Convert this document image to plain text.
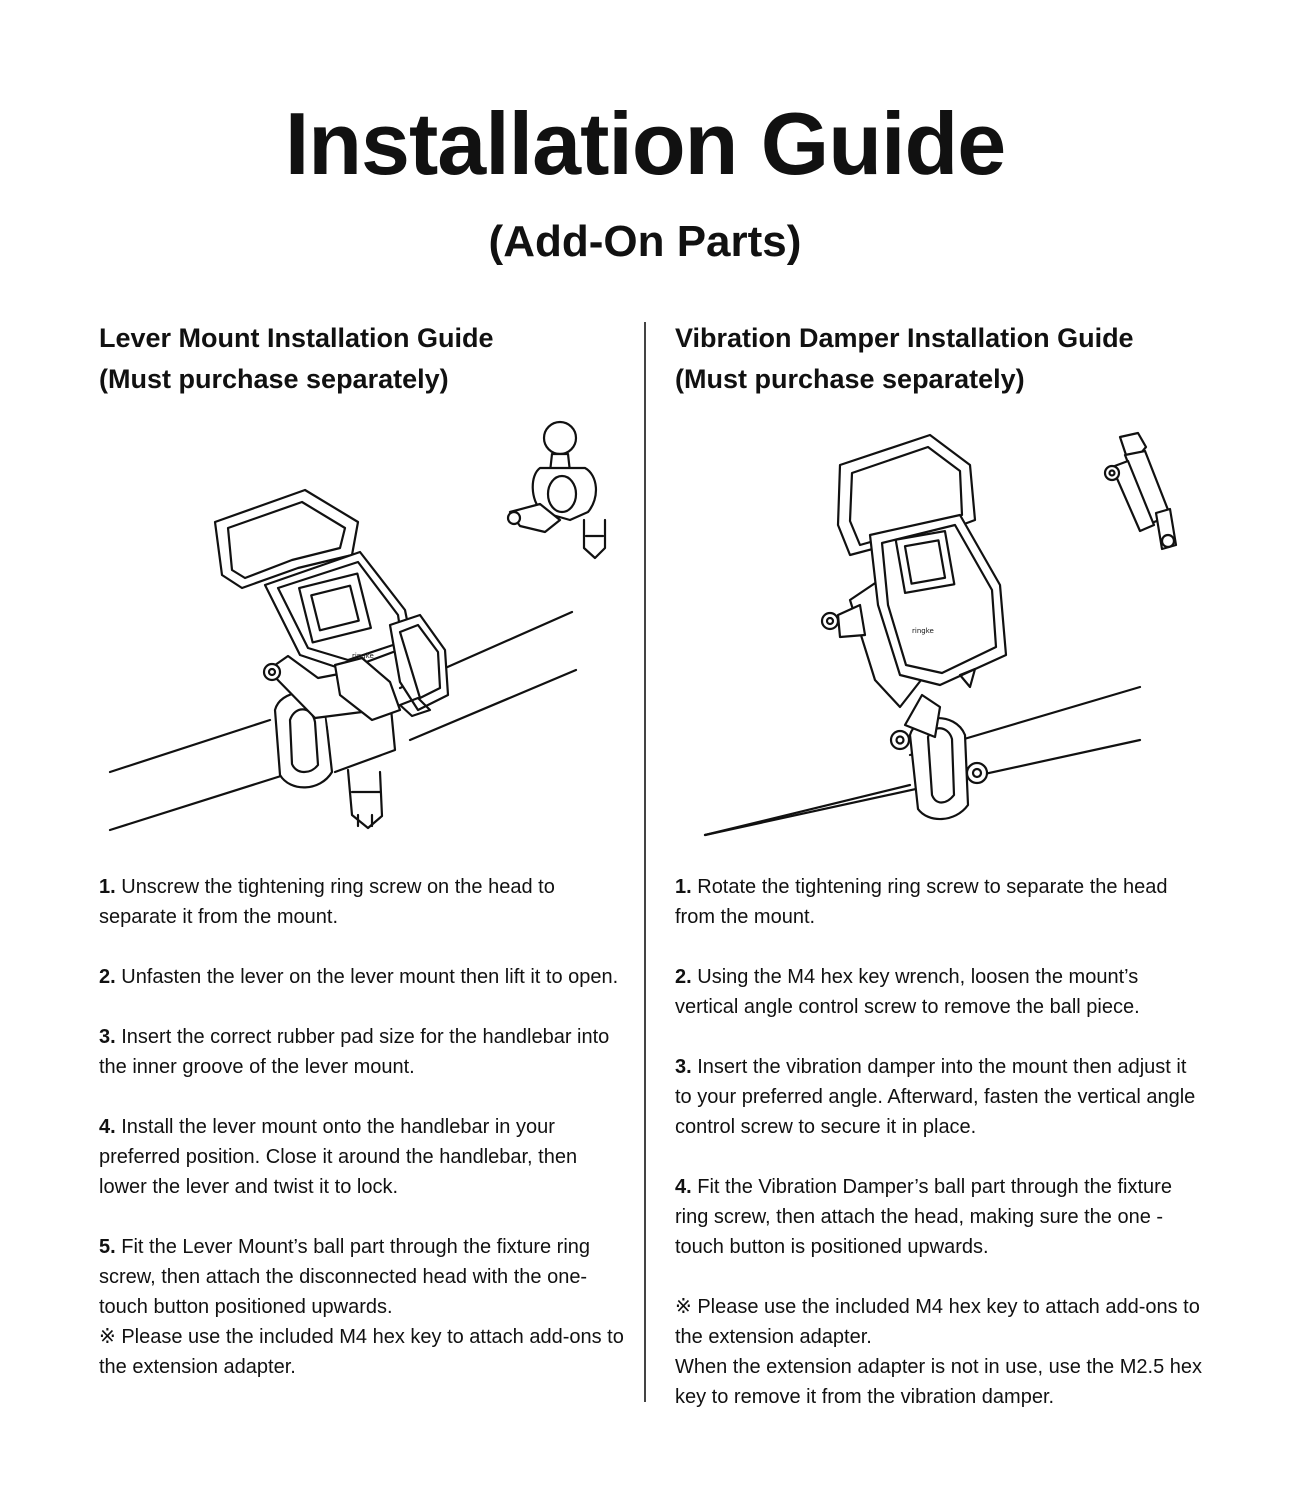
Installation Guide
(Add-On Parts)

Lever Mount Installation Guide

(Must purchase separately)

ringke

1. Unscrew the tightening ring screw on the head to separate it from the mount.

2. Unfasten the lever on the lever mount then lift it to open.

3. Insert the correct rubber pad size for the handlebar into the inner groove of the lever mount.

4. Install the lever mount onto the handlebar in your preferred position. Close it around the handlebar, then lower the lever and twist it to lock.

5. Fit the Lever Mount’s ball part through the fixture ring screw, then attach the disconnected head with the one-touch button positioned upwards.

※ Please use the included M4 hex key to attach add-ons to the extension adapter.

Vibration Damper Installation Guide

(Must purchase separately)

ringke

1. Rotate the tightening ring screw to separate the head from the mount.

2. Using the M4 hex key wrench, loosen the mount’s vertical angle control screw to remove the ball piece.

3. Insert the vibration damper into the mount then adjust it to your preferred angle. Afterward, fasten the vertical angle control screw to secure it in place.

4. Fit the Vibration Damper’s ball part through the fixture ring screw, then attach the head, making sure the one - touch button is positioned upwards.

※ Please use the included M4 hex key to attach add-ons to the extension adapter.

When the extension adapter is not in use, use the M2.5 hex key to remove it from the vibration damper.
